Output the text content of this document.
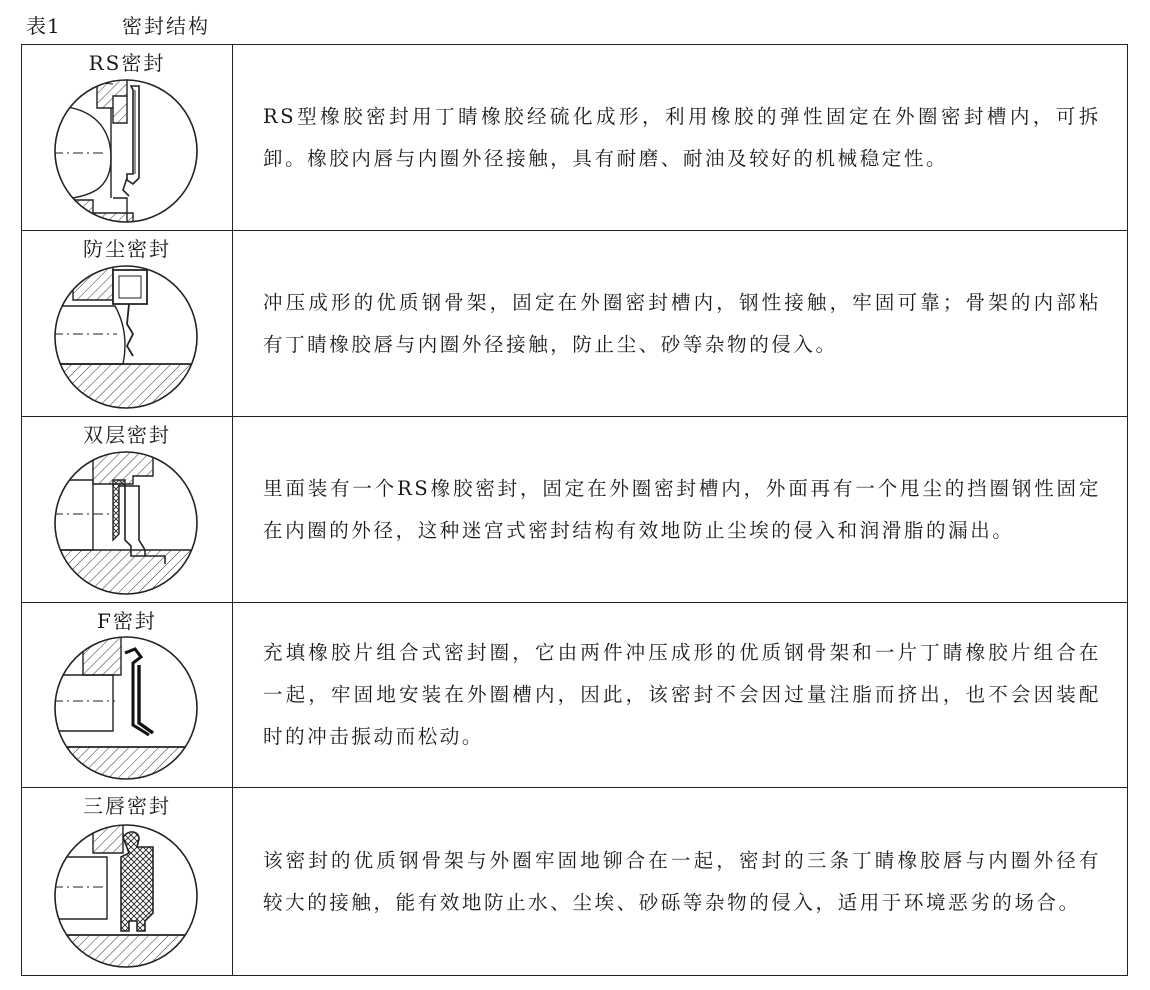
表1	密封结构
RS密封

RS型橡胶密封用丁睛橡胶经硫化成形，利用橡胶的弹性固定在外圈密封槽内，可拆卸。橡胶内唇与内圈外径接触，具有耐磨、耐油及较好的机械稳定性。

防尘密封

冲压成形的优质钢骨架，固定在外圈密封槽内，钢性接触，牢固可靠；骨架的内部粘有丁睛橡胶唇与内圈外径接触，防止尘、砂等杂物的侵入。

双层密封

里面装有一个RS橡胶密封，固定在外圈密封槽内，外面再有一个甩尘的挡圈钢性固定在内圈的外径，这种迷宫式密封结构有效地防止尘埃的侵入和润滑脂的漏出。

F密封

充填橡胶片组合式密封圈，它由两件冲压成形的优质钢骨架和一片丁睛橡胶片组合在一起，牢固地安装在外圈槽内，因此，该密封不会因过量注脂而挤出，也不会因装配时的冲击振动而松动。

三唇密封

该密封的优质钢骨架与外圈牢固地铆合在一起，密封的三条丁睛橡胶唇与内圈外径有较大的接触，能有效地防止水、尘埃、砂砾等杂物的侵入，适用于环境恶劣的场合。
